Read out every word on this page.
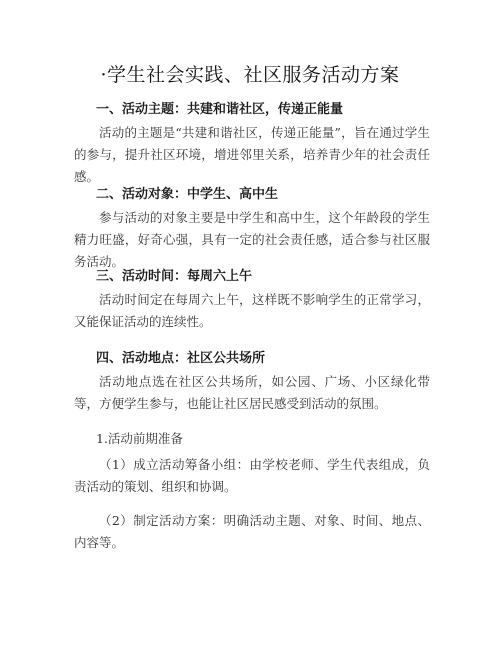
·学生社会实践、社区服务活动方案
一、活动主题：共建和谐社区，传递正能量
活动的主题是“共建和谐社区，传递正能量”，旨在通过学生的参与，提升社区环境，增进邻里关系，培养青少年的社会责任感。
二、活动对象：中学生、高中生
参与活动的对象主要是中学生和高中生，这个年龄段的学生精力旺盛，好奇心强，具有一定的社会责任感，适合参与社区服务活动。
三、活动时间：每周六上午
活动时间定在每周六上午，这样既不影响学生的正常学习，又能保证活动的连续性。
四、活动地点：社区公共场所
活动地点选在社区公共场所，如公园、广场、小区绿化带等，方便学生参与，也能让社区居民感受到活动的氛围。
1.活动前期准备
（1）成立活动筹备小组：由学校老师、学生代表组成，负责活动的策划、组织和协调。
（2）制定活动方案：明确活动主题、对象、时间、地点、内容等。
